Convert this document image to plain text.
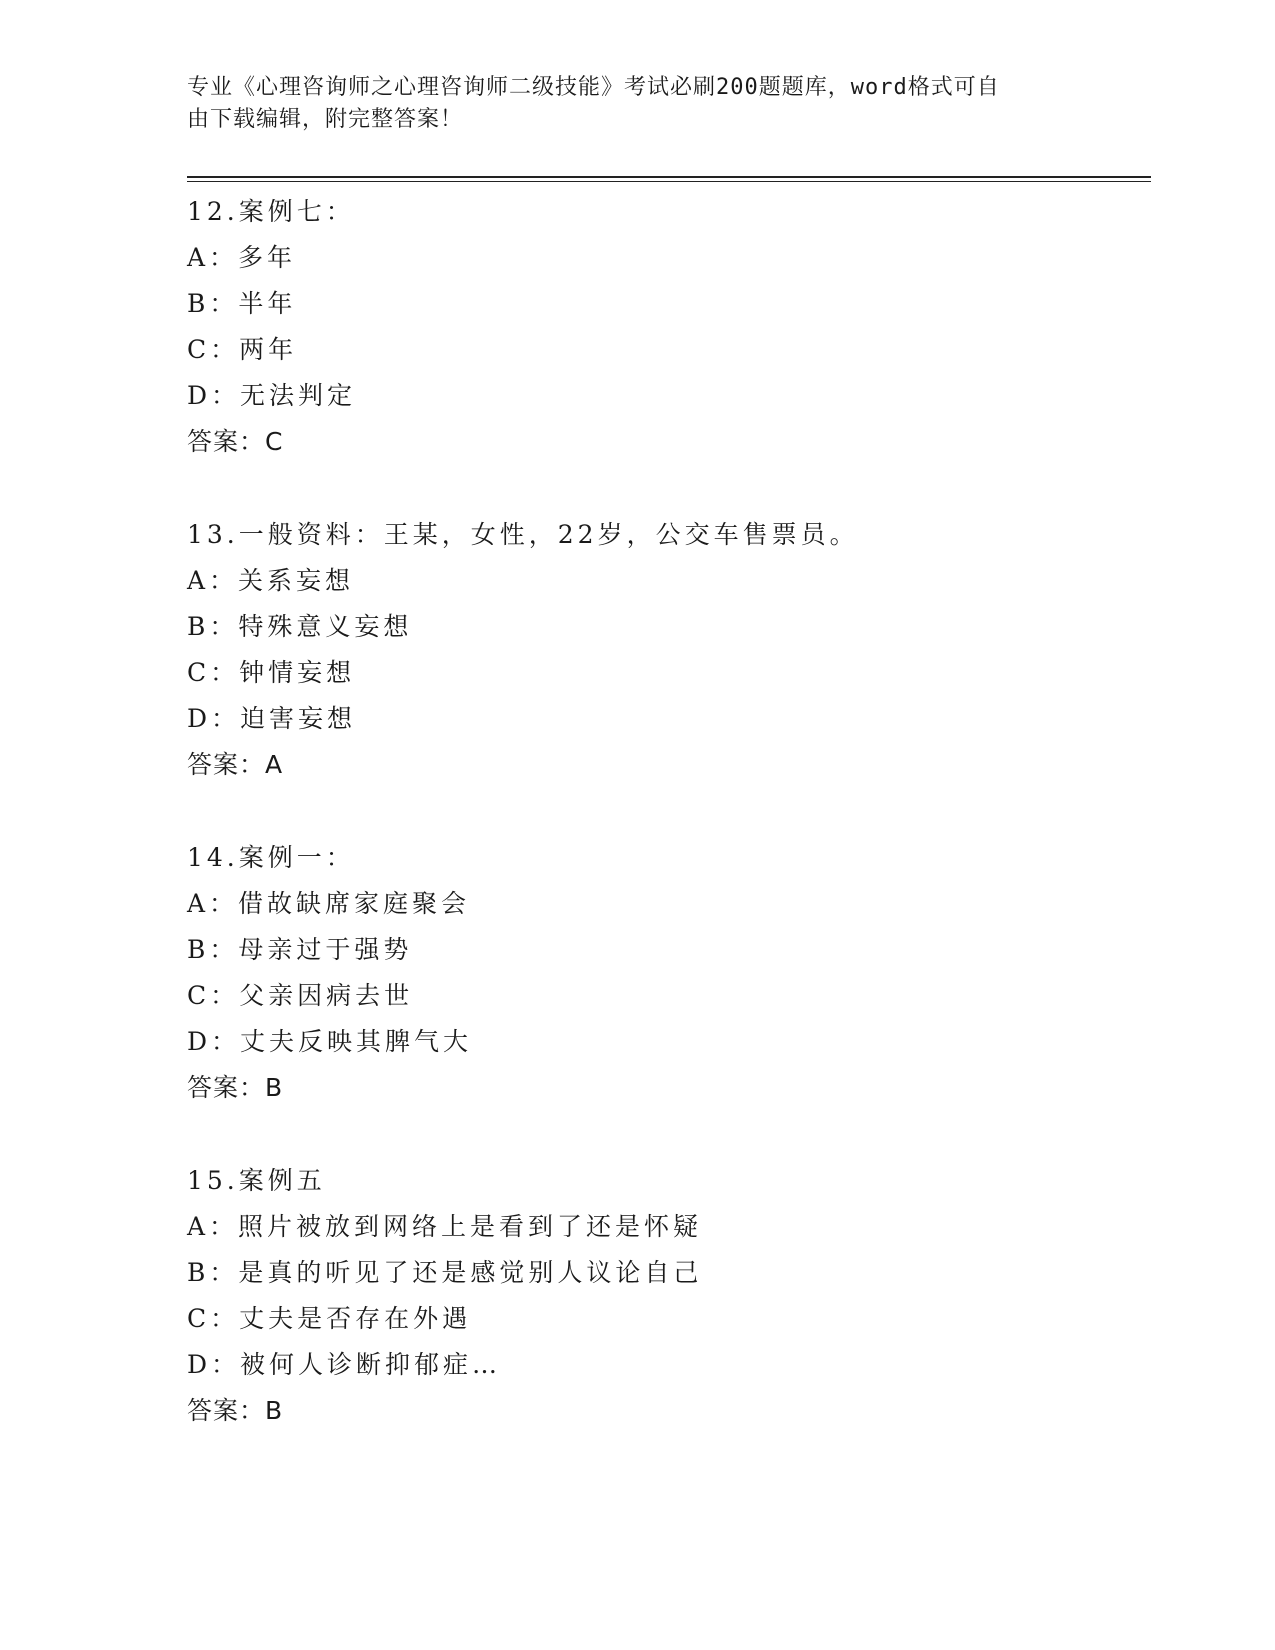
专业《心理咨询师之心理咨询师二级技能》考试必刷200题题库，word格式可自
由下载编辑，附完整答案！
12.案例七：
A：多年
B：半年
C：两年
D：无法判定
答案：C
13.一般资料：王某，女性，22岁，公交车售票员。
A：关系妄想
B：特殊意义妄想
C：钟情妄想
D：迫害妄想
答案：A
14.案例一：
A：借故缺席家庭聚会
B：母亲过于强势
C：父亲因病去世
D：丈夫反映其脾气大
答案：B
15.案例五
A：照片被放到网络上是看到了还是怀疑
B：是真的听见了还是感觉别人议论自己
C：丈夫是否存在外遇
D：被何人诊断抑郁症…
答案：B
